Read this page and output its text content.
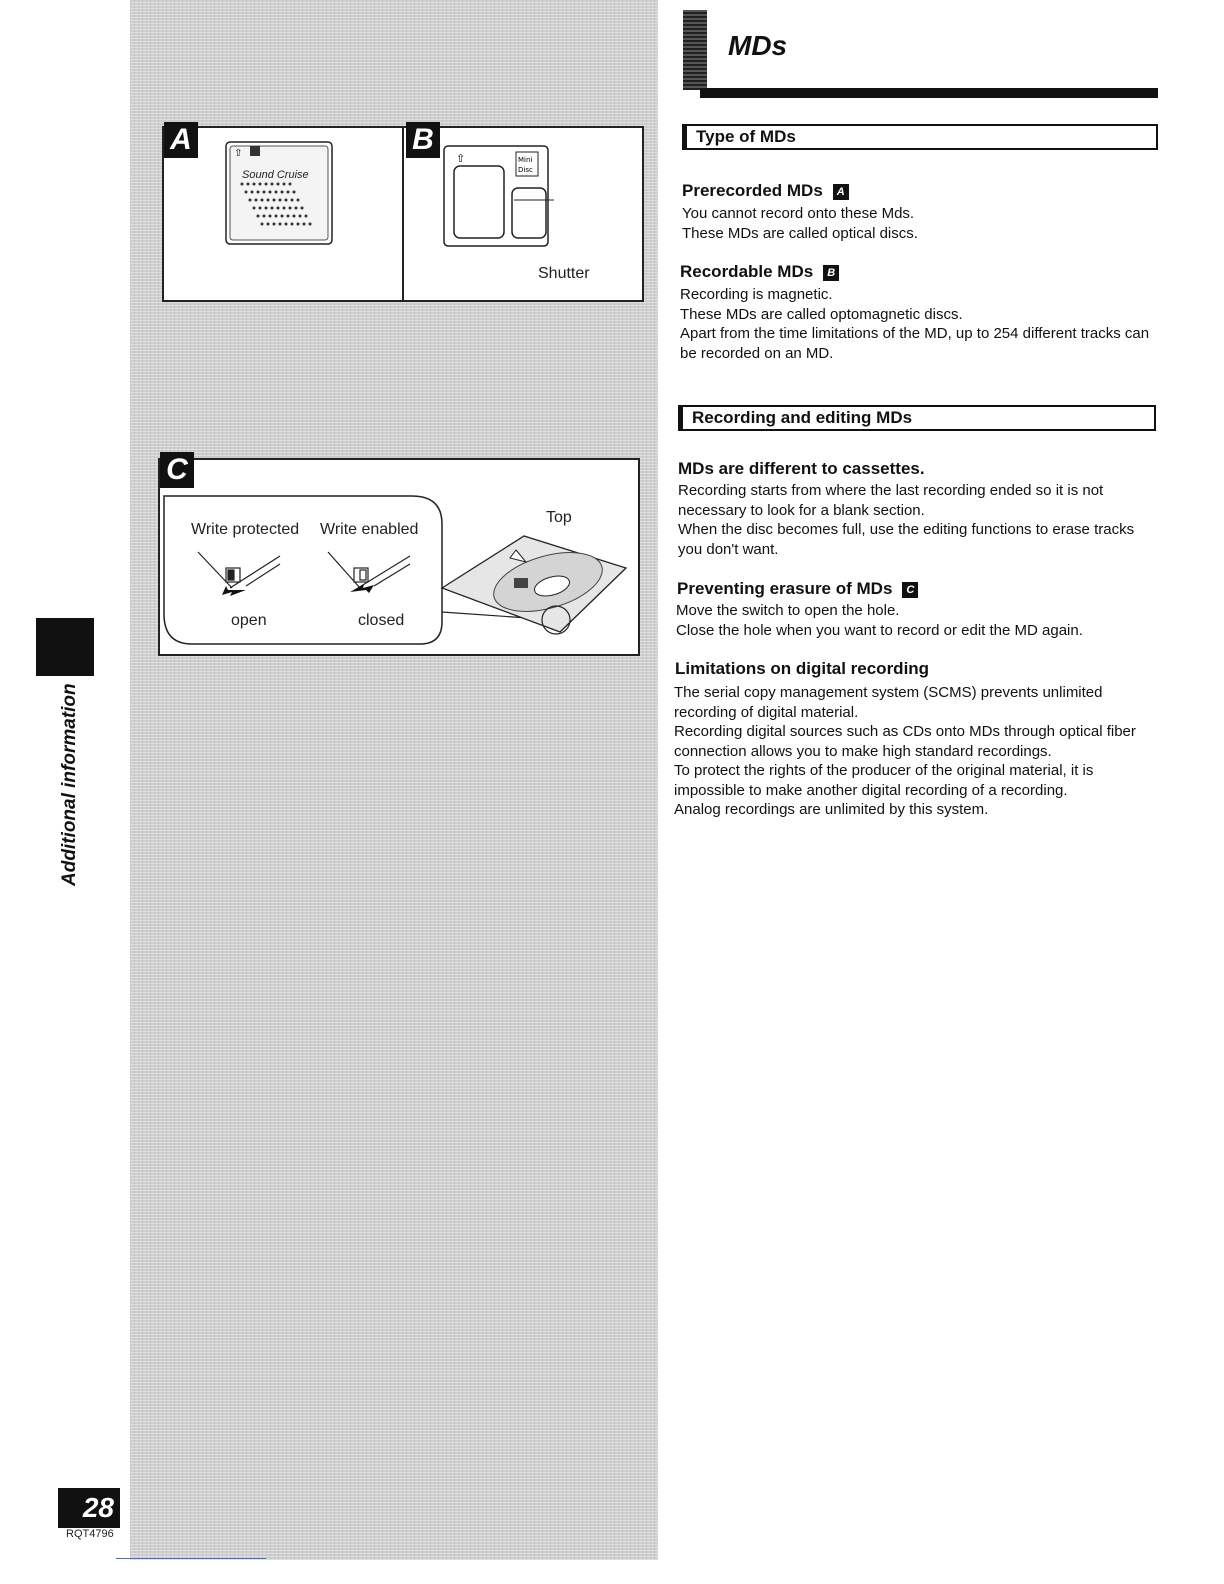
A	B
⇧
Sound Cruise
⇧	Mini
Disc
Shutter
C
Write protected Write enabled
open	closed
Top
Additional information
28
RQT4796
MDs
Type of MDs
Prerecorded MDs A

You cannot record onto these Mds.

These MDs are called optical discs.

Recordable MDs B

Recording is magnetic.

These MDs are called optomagnetic discs.

Apart from the time limitations of the MD, up to 254 different tracks can be recorded on an MD.

Recording and editing MDs
MDs are different to cassettes.

Recording starts from where the last recording ended so it is not necessary to look for a blank section.

When the disc becomes full, use the editing functions to erase tracks you don't want.

Preventing erasure of MDs C

Move the switch to open the hole.

Close the hole when you want to record or edit the MD again.

Limitations on digital recording

The serial copy management system (SCMS) prevents unlimited recording of digital material.

Recording digital sources such as CDs onto MDs through optical fiber connection allows you to make high standard recordings.

To protect the rights of the producer of the original material, it is impossible to make another digital recording of a recording.

Analog recordings are unlimited by this system.
